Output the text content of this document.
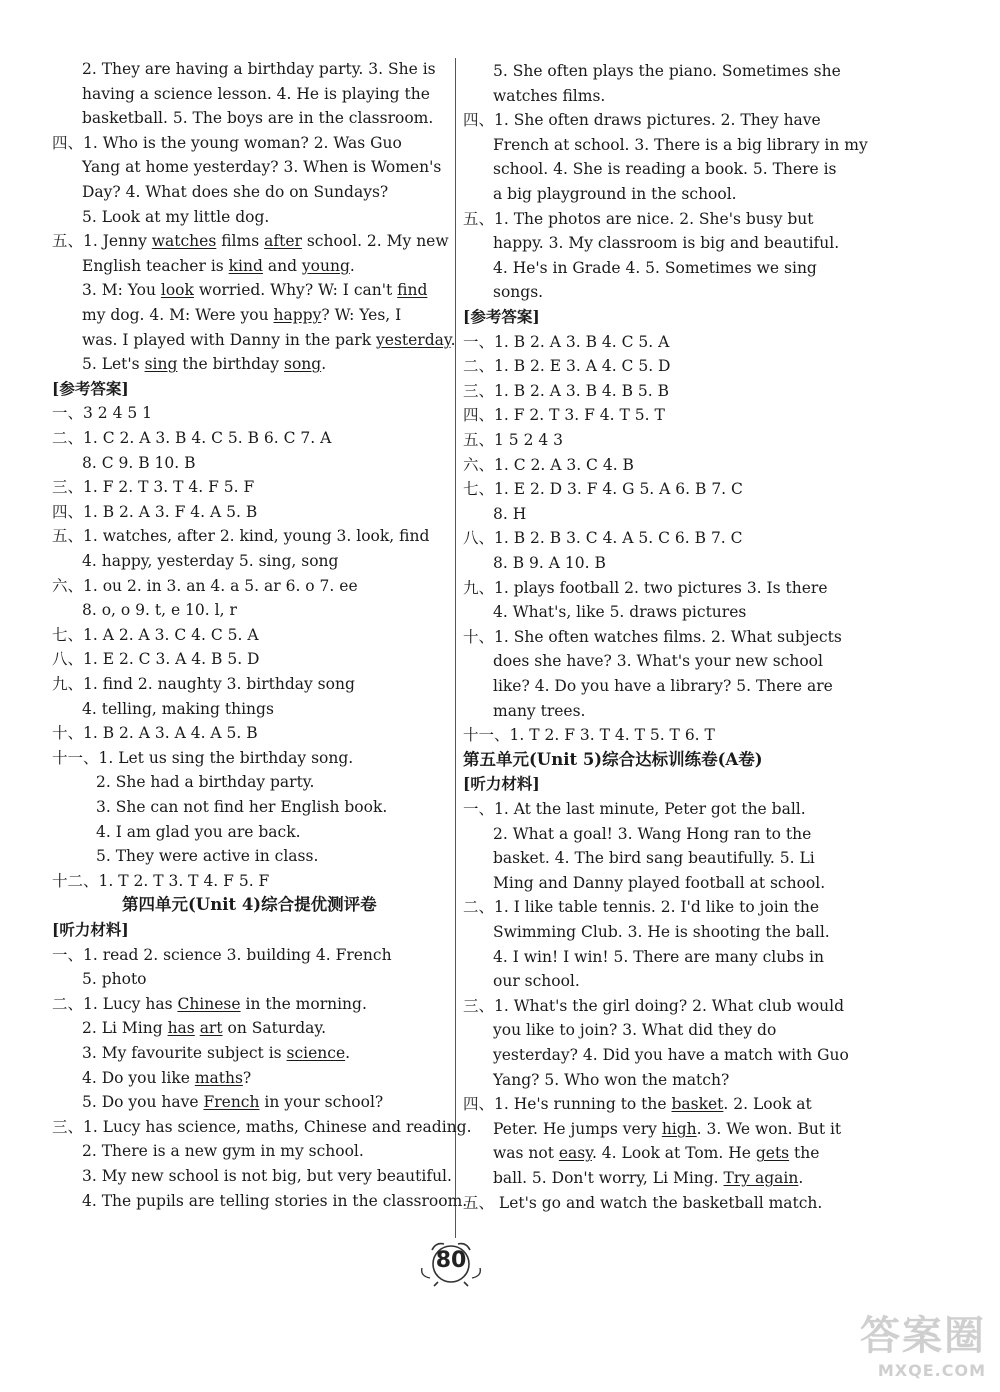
2. They are having a birthday party. 3. She is
having a science lesson. 4. He is playing the
basketball. 5. The boys are in the classroom.
四、1. Who is the young woman? 2. Was Guo
Yang at home yesterday? 3. When is Women's
Day? 4. What does she do on Sundays?
5. Look at my little dog.
五、1. Jenny watches films after school. 2. My new
English teacher is kind and young.
3. M: You look worried. Why? W: I can't find
my dog. 4. M: Were you happy? W: Yes, I
was. I played with Danny in the park yesterday.
5. Let's sing the birthday song.
[参考答案]
一、3 2 4 5 1
二、1. C 2. A 3. B 4. C 5. B 6. C 7. A
8. C 9. B 10. B
三、1. F 2. T 3. T 4. F 5. F
四、1. B 2. A 3. F 4. A 5. B
五、1. watches, after 2. kind, young 3. look, find
4. happy, yesterday 5. sing, song
六、1. ou 2. in 3. an 4. a 5. ar 6. o 7. ee
8. o, o 9. t, e 10. l, r
七、1. A 2. A 3. C 4. C 5. A
八、1. E 2. C 3. A 4. B 5. D
九、1. find 2. naughty 3. birthday song
4. telling, making things
十、1. B 2. A 3. A 4. A 5. B
十一、1. Let us sing the birthday song.
2. She had a birthday party.
3. She can not find her English book.
4. I am glad you are back.
5. They were active in class.
十二、1. T 2. T 3. T 4. F 5. F
第四单元(Unit 4)综合提优测评卷
[听力材料]
一、1. read 2. science 3. building 4. French
5. photo
二、1. Lucy has Chinese in the morning.
2. Li Ming has art on Saturday.
3. My favourite subject is science.
4. Do you like maths?
5. Do you have French in your school?
三、1. Lucy has science, maths, Chinese and reading.
2. There is a new gym in my school.
3. My new school is not big, but very beautiful.
4. The pupils are telling stories in the classroom.
5. She often plays the piano. Sometimes she
watches films.
四、1. She often draws pictures. 2. They have
French at school. 3. There is a big library in my
school. 4. She is reading a book. 5. There is
a big playground in the school.
五、1. The photos are nice. 2. She's busy but
happy. 3. My classroom is big and beautiful.
4. He's in Grade 4. 5. Sometimes we sing
songs.
[参考答案]
一、1. B 2. A 3. B 4. C 5. A
二、1. B 2. E 3. A 4. C 5. D
三、1. B 2. A 3. B 4. B 5. B
四、1. F 2. T 3. F 4. T 5. T
五、1 5 2 4 3
六、1. C 2. A 3. C 4. B
七、1. E 2. D 3. F 4. G 5. A 6. B 7. C
8. H
八、1. B 2. B 3. C 4. A 5. C 6. B 7. C
8. B 9. A 10. B
九、1. plays football 2. two pictures 3. Is there
4. What's, like 5. draws pictures
十、1. She often watches films. 2. What subjects
does she have? 3. What's your new school
like? 4. Do you have a library? 5. There are
many trees.
十一、1. T 2. F 3. T 4. T 5. T 6. T
第五单元(Unit 5)综合达标训练卷(A卷)
[听力材料]
一、1. At the last minute, Peter got the ball.
2. What a goal! 3. Wang Hong ran to the
basket. 4. The bird sang beautifully. 5. Li
Ming and Danny played football at school.
二、1. I like table tennis. 2. I'd like to join the
Swimming Club. 3. He is shooting the ball.
4. I win! I win! 5. There are many clubs in
our school.
三、1. What's the girl doing? 2. What club would
you like to join? 3. What did they do
yesterday? 4. Did you have a match with Guo
Yang? 5. Who won the match?
四、1. He's running to the basket. 2. Look at
Peter. He jumps very high. 3. We won. But it
was not easy. 4. Look at Tom. He gets the
ball. 5. Don't worry, Li Ming. Try again.
五、 Let's go and watch the basketball match.
80
答案圈
MXQE.COM
